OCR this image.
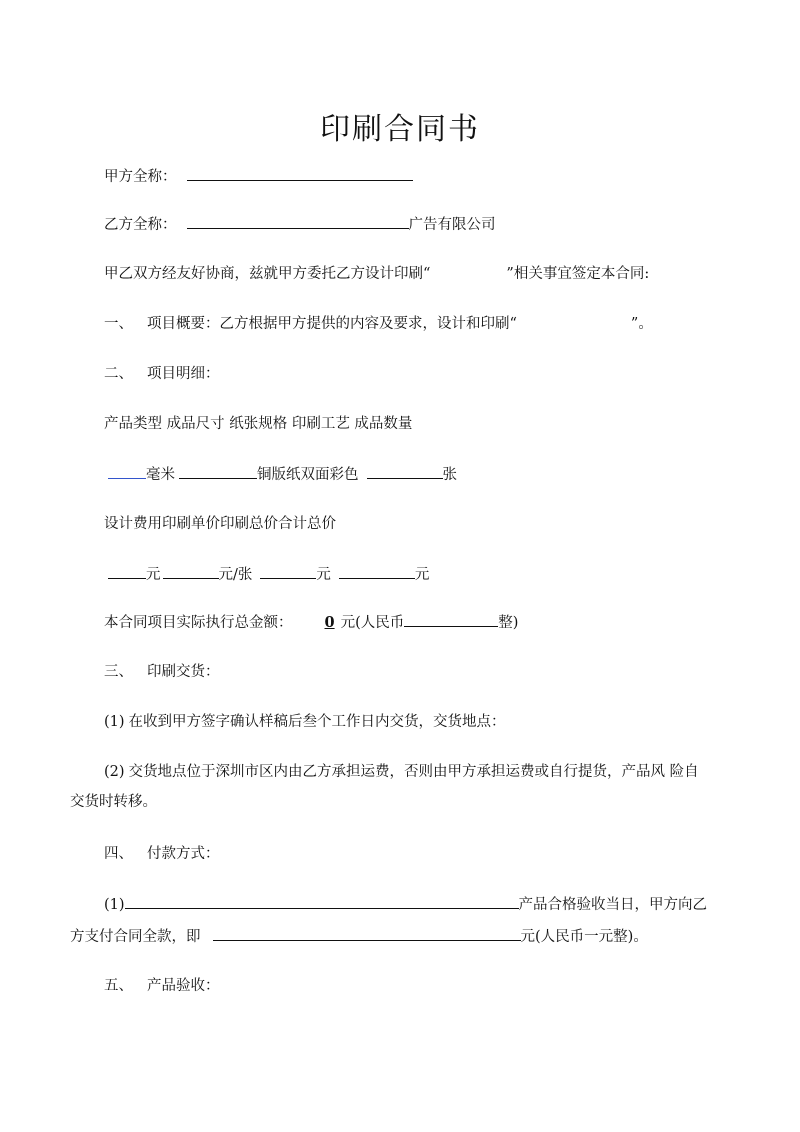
印刷合同书
甲方全称：
乙方全称：	广告有限公司
甲乙双方经友好协商，兹就甲方委托乙方设计印刷“	”相关事宜签定本合同:
一、 项目概要：乙方根据甲方提供的内容及要求，设计和印刷“	”。
二、 项目明细：
产品类型 成品尺寸 纸张规格 印刷工艺 成品数量
毫米	铜版纸双面彩色	张
设计费用印刷单价印刷总价合计总价
元	元/张	元	元
本合同项目实际执行总金额： 0 元(人民币	整)
三、 印刷交货：
(1) 在收到甲方签字确认样稿后叁个工作日内交货，交货地点：
(2) 交货地点位于深圳市区内由乙方承担运费，否则由甲方承担运费或自行提货，产品风 险自
交货时转移。
四、 付款方式：
(1)	产品合格验收当日，甲方向乙
方支付合同全款，即	元(人民币一元整)。
五、 产品验收：
